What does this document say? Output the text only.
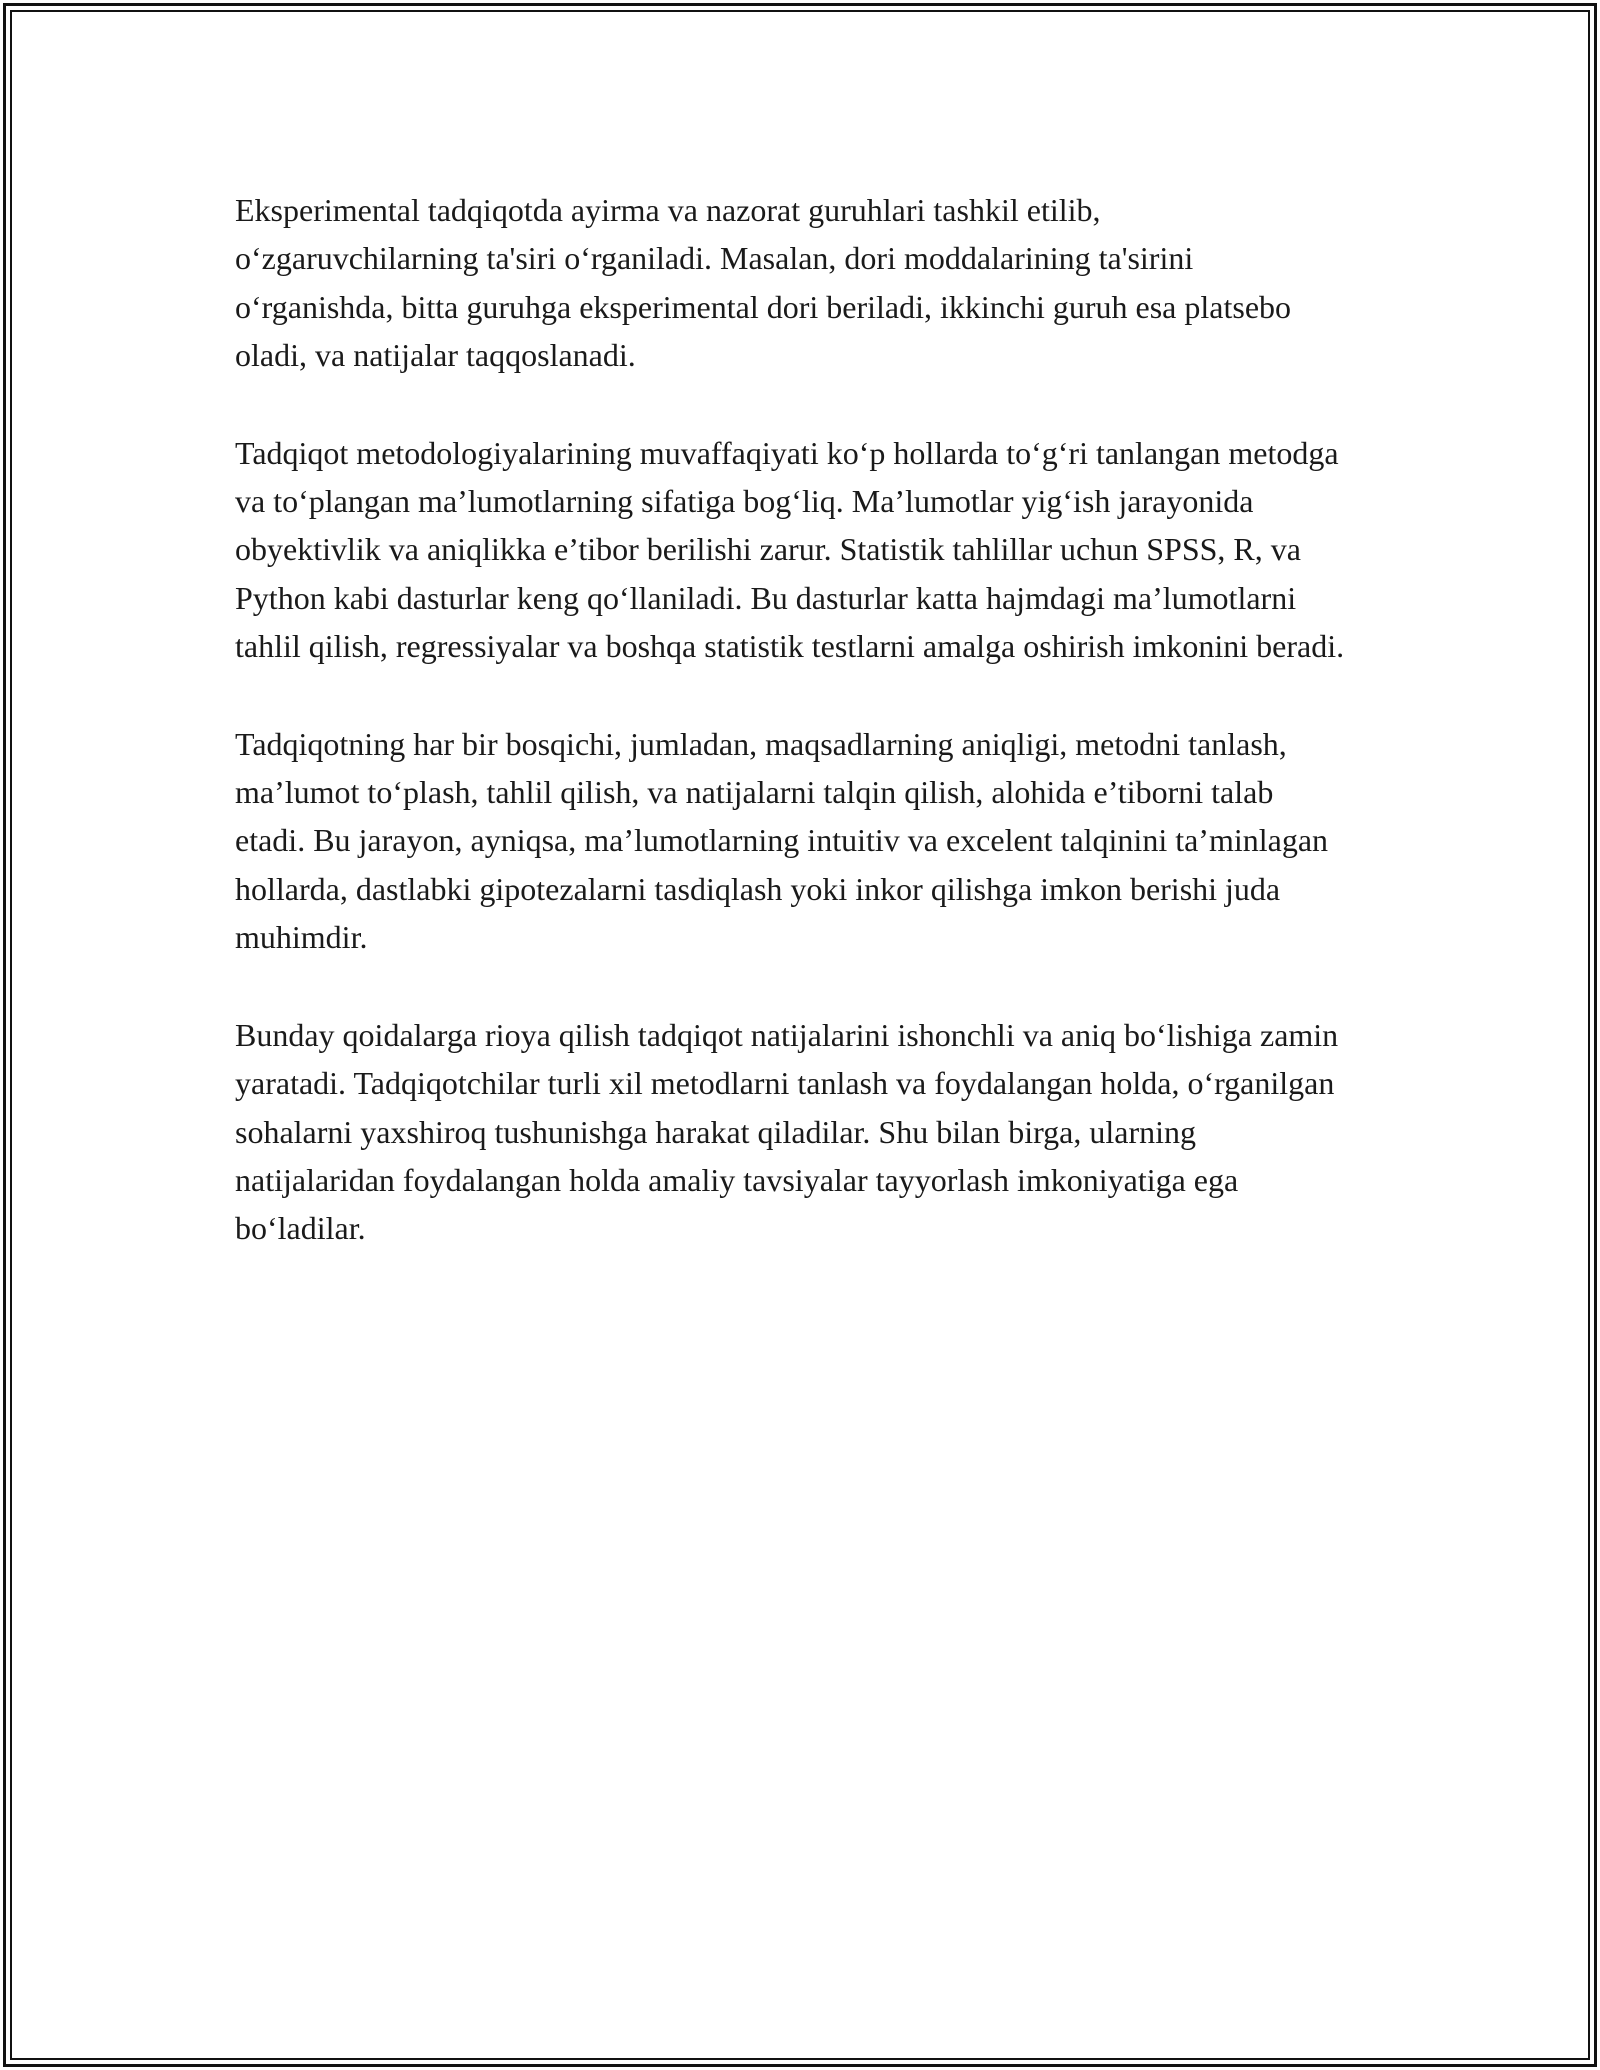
Eksperimental tadqiqotda ayirma va nazorat guruhlari tashkil etilib, o‘zgaruvchilarning ta'siri o‘rganiladi. Masalan, dori moddalarining ta'sirini o‘rganishda, bitta guruhga eksperimental dori beriladi, ikkinchi guruh esa platsebo oladi, va natijalar taqqoslanadi.

Tadqiqot metodologiyalarining muvaffaqiyati ko‘p hollarda to‘g‘ri tanlangan metodga va to‘plangan ma’lumotlarning sifatiga bog‘liq. Ma’lumotlar yig‘ish jarayonida obyektivlik va aniqlikka e’tibor berilishi zarur. Statistik tahlillar uchun SPSS, R, va Python kabi dasturlar keng qo‘llaniladi. Bu dasturlar katta hajmdagi ma’lumotlarni tahlil qilish, regressiyalar va boshqa statistik testlarni amalga oshirish imkonini beradi.

Tadqiqotning har bir bosqichi, jumladan, maqsadlarning aniqligi, metodni tanlash, ma’lumot to‘plash, tahlil qilish, va natijalarni talqin qilish, alohida e’tiborni talab etadi. Bu jarayon, ayniqsa, ma’lumotlarning intuitiv va excelent talqinini ta’minlagan hollarda, dastlabki gipotezalarni tasdiqlash yoki inkor qilishga imkon berishi juda muhimdir.

Bunday qoidalarga rioya qilish tadqiqot natijalarini ishonchli va aniq bo‘lishiga zamin yaratadi. Tadqiqotchilar turli xil metodlarni tanlash va foydalangan holda, o‘rganilgan sohalarni yaxshiroq tushunishga harakat qiladilar. Shu bilan birga, ularning natijalaridan foydalangan holda amaliy tavsiyalar tayyorlash imkoniyatiga ega bo‘ladilar.
